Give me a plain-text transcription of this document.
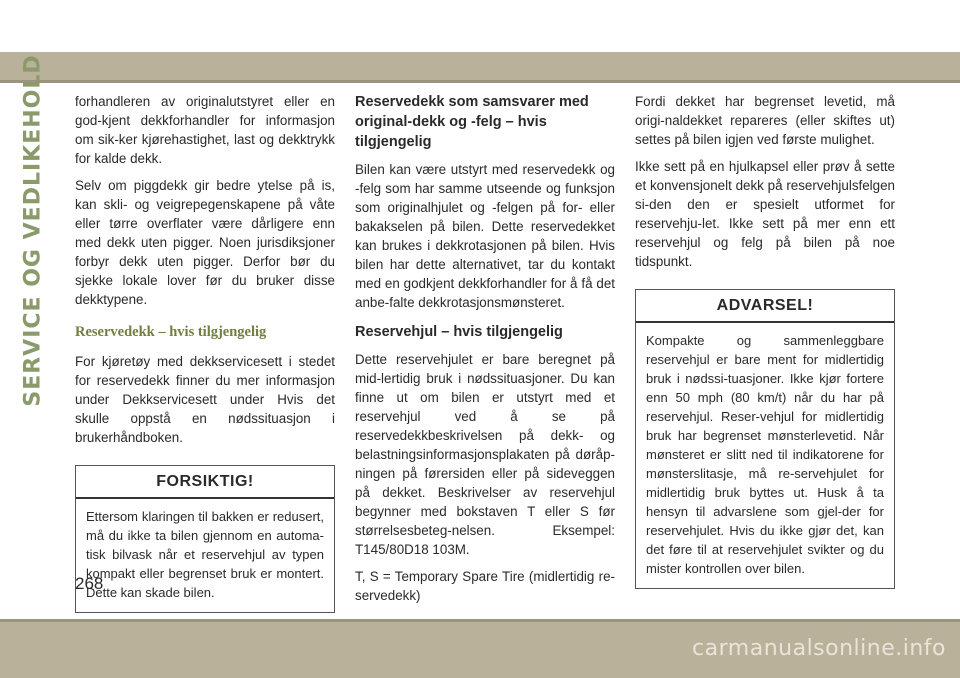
SERVICE OG VEDLIKEHOLD forhandleren av originalutstyret eller en god-kjent dekkforhandler for informasjon om sik-ker kjørehastighet, last og dekktrykk for kalde dekk.

Selv om piggdekk gir bedre ytelse på is, kan skli- og veigrepegenskapene på våte eller tørre overflater være dårligere enn med dekk uten pigger. Noen jurisdiksjoner forbyr dekk uten pigger. Derfor bør du sjekke lokale lover før du bruker disse dekktypene.

Reservedekk – hvis tilgjengelig

For kjøretøy med dekkservicesett i stedet for reservedekk finner du mer informasjon under Dekkservicesett under Hvis det skulle oppstå en nødssituasjon i brukerhåndboken.

FORSIKTIG!

Ettersom klaringen til bakken er redusert, må du ikke ta bilen gjennom en automa-tisk bilvask når et reservehjul av typen kompakt eller begrenset bruk er montert. Dette kan skade bilen.

Reservedekk som samsvarer med original-dekk og -felg – hvis tilgjengelig

Bilen kan være utstyrt med reservedekk og -felg som har samme utseende og funksjon som originalhjulet og -felgen på for- eller bakakselen på bilen. Dette reservedekket kan brukes i dekkrotasjonen på bilen. Hvis bilen har dette alternativet, tar du kontakt med en godkjent dekkforhandler for å få det anbe-falte dekkrotasjonsmønsteret.

Reservehjul – hvis tilgjengelig

Dette reservehjulet er bare beregnet på mid-lertidig bruk i nødssituasjoner. Du kan finne ut om bilen er utstyrt med et reservehjul ved å se på reservedekkbeskrivelsen på dekk- og belastningsinformasjonsplakaten på døråp-ningen på førersiden eller på sideveggen på dekket. Beskrivelser av reservehjul begynner med bokstaven T eller S før størrelsesbeteg-nelsen. Eksempel: T145/80D18 103M.

T, S = Temporary Spare Tire (midlertidig re-servedekk)

Fordi dekket har begrenset levetid, må origi-naldekket repareres (eller skiftes ut) settes på bilen igjen ved første mulighet.

Ikke sett på en hjulkapsel eller prøv å sette et konvensjonelt dekk på reservehjulsfelgen si-den den er spesielt utformet for reservehju-let. Ikke sett på mer enn ett reservehjul og felg på bilen på noe tidspunkt.

ADVARSEL!

Kompakte og sammenleggbare reservehjul er bare ment for midlertidig bruk i nødssi-tuasjoner. Ikke kjør fortere enn 50 mph (80 km/t) når du har på reservehjul. Reser-vehjul for midlertidig bruk har begrenset mønsterlevetid. Når mønsteret er slitt ned til indikatorene for mønsterslitasje, må re-servehjulet for midlertidig bruk byttes ut. Husk å ta hensyn til advarslene som gjel-der for reservehjulet. Hvis du ikke gjør det, kan det føre til at reservehjulet svikter og du mister kontrollen over bilen.

268
carmanualsonline.info
